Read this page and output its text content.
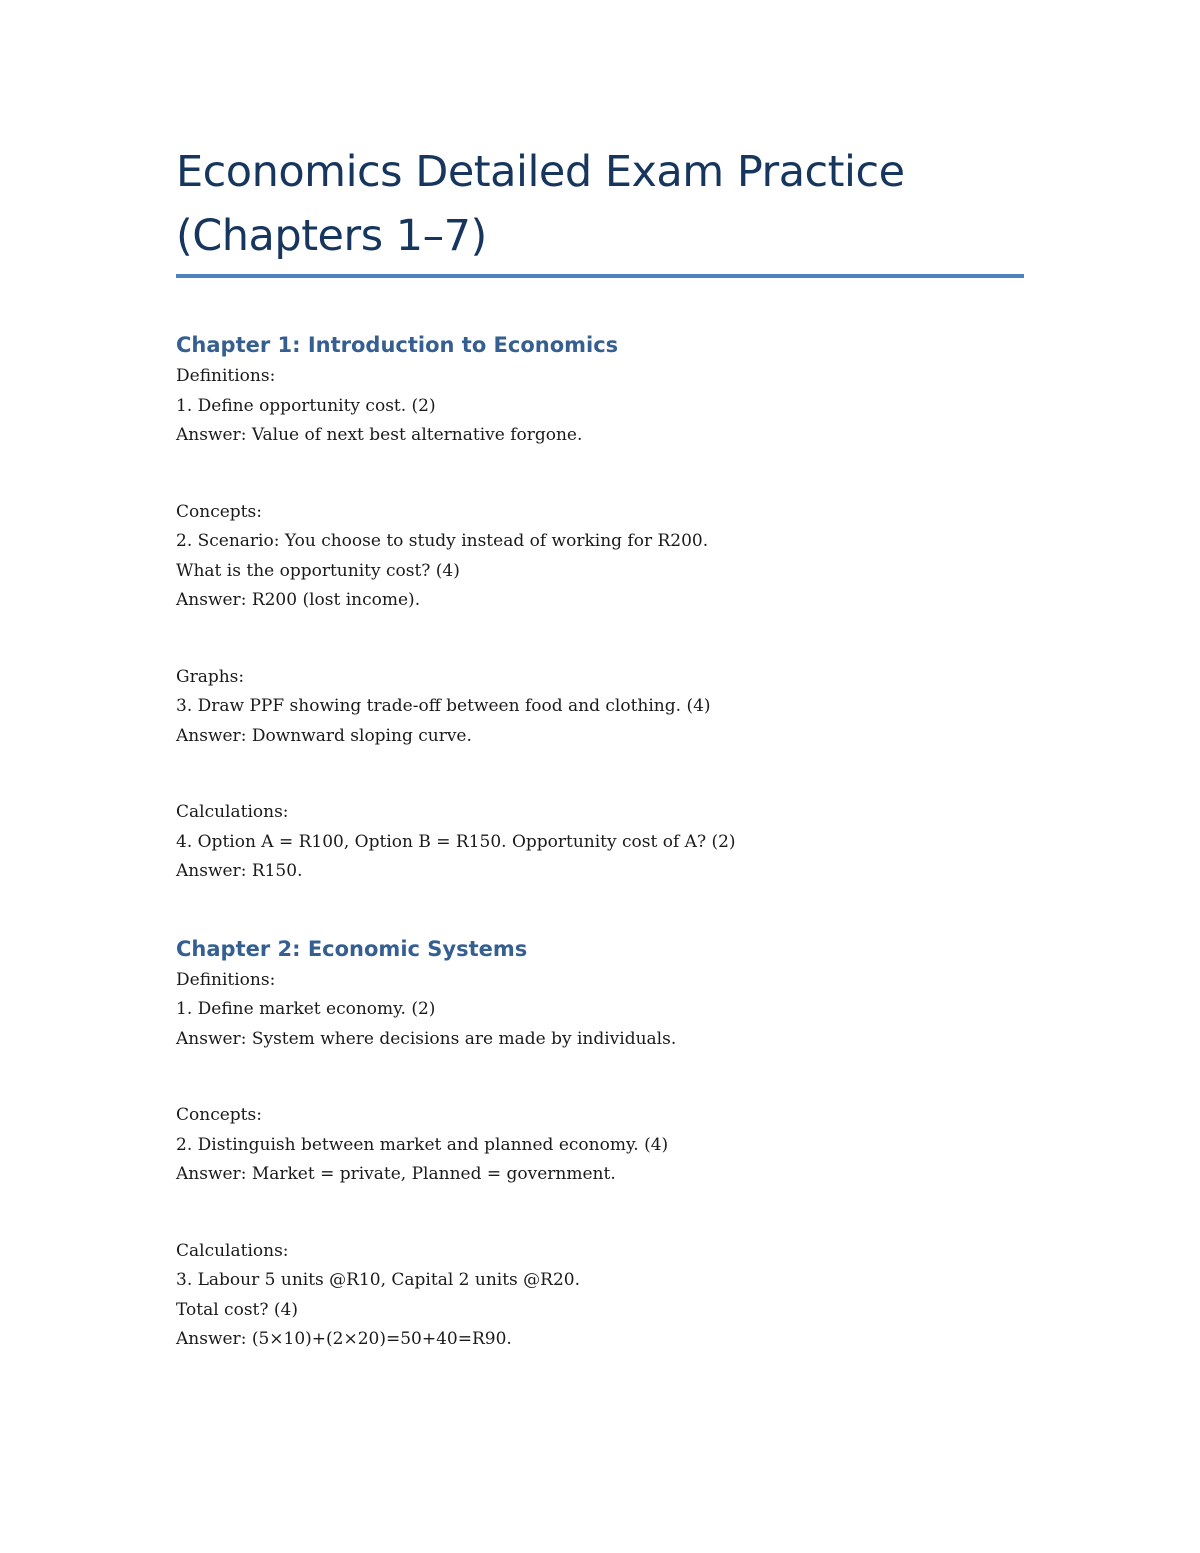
Economics Detailed Exam Practice
(Chapters 1–7)
Chapter 1: Introduction to Economics

Definitions:
1. Define opportunity cost. (2)
Answer: Value of next best alternative forgone.

Concepts:
2. Scenario: You choose to study instead of working for R200.
What is the opportunity cost? (4)
Answer: R200 (lost income).

Graphs:
3. Draw PPF showing trade-off between food and clothing. (4)
Answer: Downward sloping curve.

Calculations:
4. Option A = R100, Option B = R150. Opportunity cost of A? (2)
Answer: R150.

Chapter 2: Economic Systems

Definitions:
1. Define market economy. (2)
Answer: System where decisions are made by individuals.

Concepts:
2. Distinguish between market and planned economy. (4)
Answer: Market = private, Planned = government.

Calculations:
3. Labour 5 units @R10, Capital 2 units @R20.
Total cost? (4)
Answer: (5×10)+(2×20)=50+40=R90.
